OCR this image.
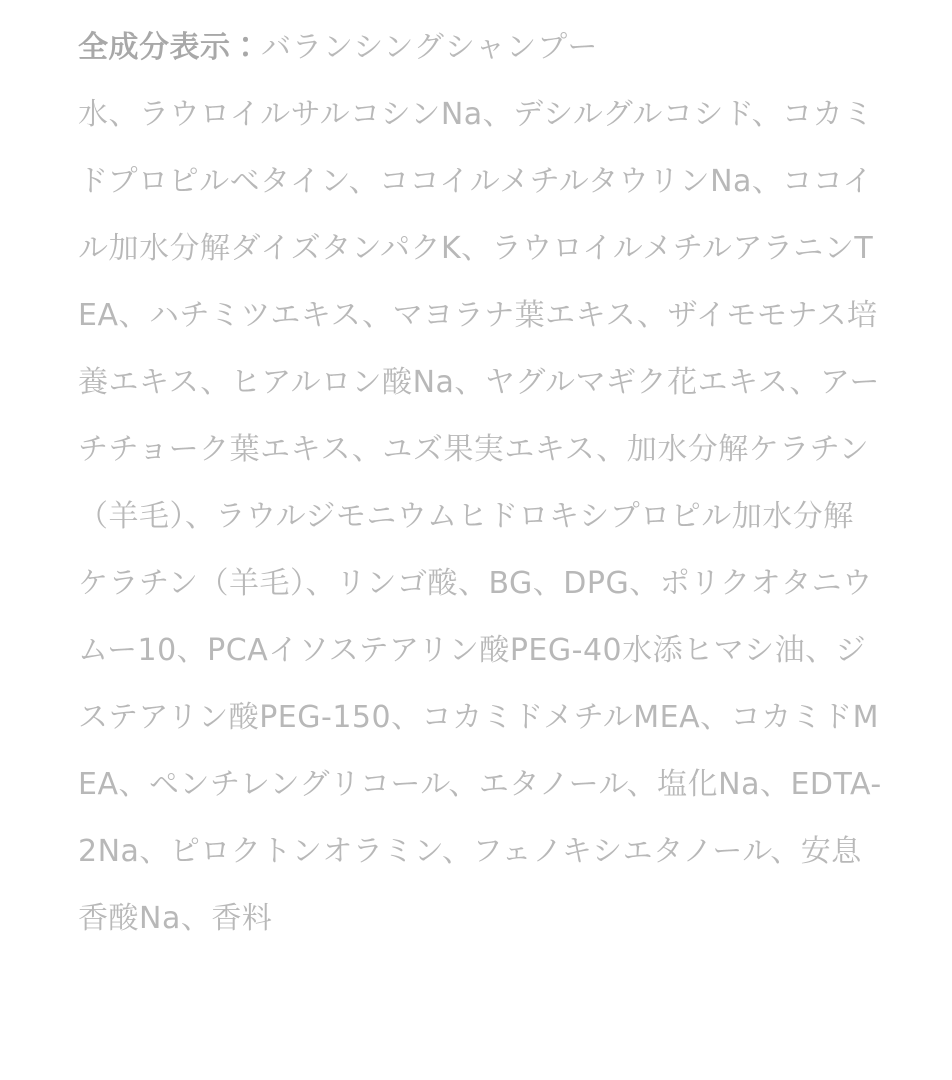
全成分表示：バランシングシャンプー
水、ラウロイルサルコシンNa、デシルグルコシド、コカミドプロピルベタイン、ココイルメチルタウリンNa、ココイル加水分解ダイズタンパクK、ラウロイルメチルアラニンTEA、ハチミツエキス、マヨラナ葉エキス、ザイモモナス培養エキス、ヒアルロン酸Na、ヤグルマギク花エキス、アーチチョーク葉エキス、ユズ果実エキス、加水分解ケラチン（羊毛）、ラウルジモニウムヒドロキシプロピル加水分解ケラチン（羊毛）、リンゴ酸、BG、DPG、ポリクオタニウムー10、PCAイソステアリン酸PEG-40水添ヒマシ油、ジステアリン酸PEG-150、コカミドメチルMEA、コカミドMEA、ペンチレングリコール、エタノール、塩化Na、EDTA-2Na、ピロクトンオラミン、フェノキシエタノール、安息香酸Na、香料
